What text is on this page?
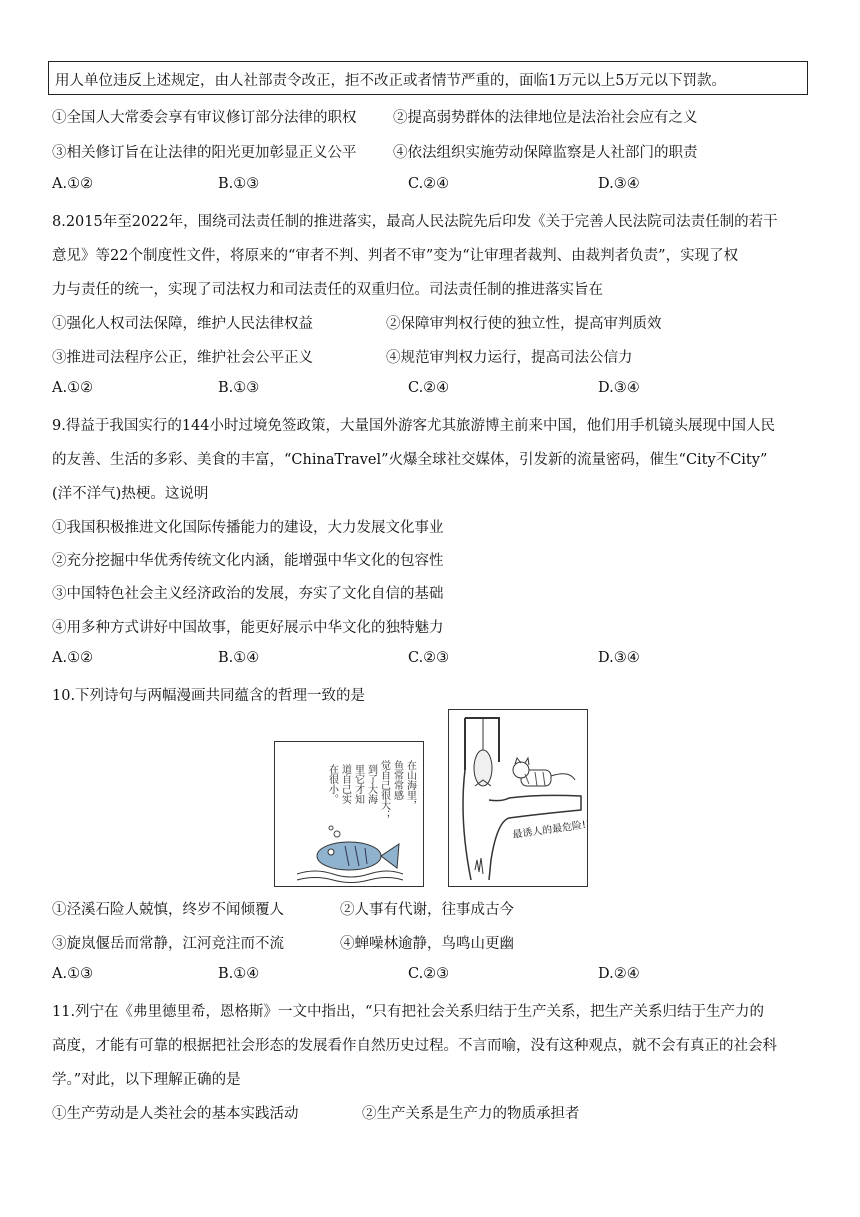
用人单位违反上述规定，由人社部责令改正，拒不改正或者情节严重的，面临1万元以上5万元以下罚款。
①全国人大常委会享有审议修订部分法律的职权	②提高弱势群体的法律地位是法治社会应有之义
③相关修订旨在让法律的阳光更加彰显正义公平	④依法组织实施劳动保障监察是人社部门的职责
A.①②	B.①③	C.②④	D.③④
8.2015年至2022年，围绕司法责任制的推进落实，最高人民法院先后印发《关于完善人民法院司法责任制的若干
意见》等22个制度性文件，将原来的“审者不判、判者不审”变为“让审理者裁判、由裁判者负责”，实现了权
力与责任的统一，实现了司法权力和司法责任的双重归位。司法责任制的推进落实旨在
①强化人权司法保障，维护人民法律权益	②保障审判权行使的独立性，提高审判质效
③推进司法程序公正，维护社会公平正义	④规范审判权力运行，提高司法公信力
A.①②	B.①③	C.②④	D.③④
9.得益于我国实行的144小时过境免签政策，大量国外游客尤其旅游博主前来中国，他们用手机镜头展现中国人民
的友善、生活的多彩、美食的丰富，“ChinaTravel”火爆全球社交媒体，引发新的流量密码，催生“City不City”
(洋不洋气)热梗。这说明
①我国积极推进文化国际传播能力的建设，大力发展文化事业
②充分挖掘中华优秀传统文化内涵，能增强中华文化的包容性
③中国特色社会主义经济政治的发展，夯实了文化自信的基础
④用多种方式讲好中国故事，能更好展示中华文化的独特魅力
A.①②	B.①④	C.②③	D.③④
10.下列诗句与两幅漫画共同蕴含的哲理一致的是
在山海里，
鱼常常感
觉自己很大；
到了大海
里它才知
道自己实
在很小。
最诱人的最危险!!!
①泾溪石险人兢慎，终岁不闻倾覆人	②人事有代谢，往事成古今
③旋岚偃岳而常静，江河竞注而不流	④蝉噪林逾静，鸟鸣山更幽
A.①③	B.①④	C.②③	D.②④
11.列宁在《弗里德里希，恩格斯》一文中指出，“只有把社会关系归结于生产关系，把生产关系归结于生产力的
高度，才能有可靠的根据把社会形态的发展看作自然历史过程。不言而喻，没有这种观点，就不会有真正的社会科
学。”对此，以下理解正确的是
①生产劳动是人类社会的基本实践活动	②生产关系是生产力的物质承担者
